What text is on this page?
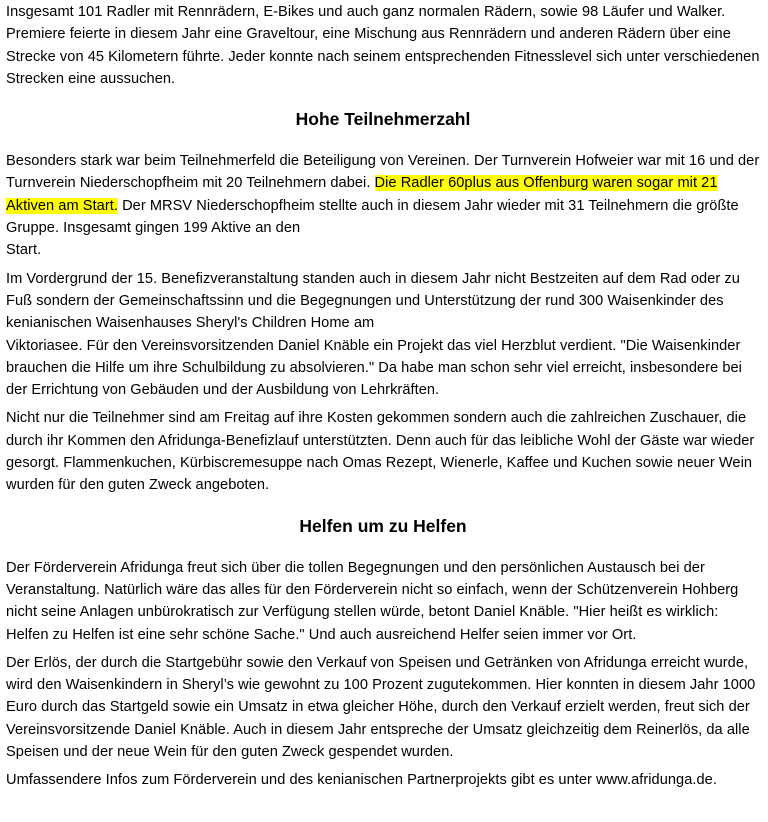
Insgesamt 101 Radler mit Rennrädern, E-Bikes und auch ganz normalen Rädern, sowie 98 Läufer und Walker. Premiere feierte in diesem Jahr eine Graveltour, eine Mischung aus Rennrädern und anderen Rädern über eine Strecke von 45 Kilometern führte. Jeder konnte nach seinem entsprechenden Fitnesslevel sich unter verschiedenen Strecken eine aussuchen.

Hohe Teilnehmerzahl

Besonders stark war beim Teilnehmerfeld die Beteiligung von Vereinen. Der Turnverein Hofweier war mit 16 und der Turnverein Niederschopfheim mit 20 Teilnehmern dabei. Die Radler 60plus aus Offenburg waren sogar mit 21 Aktiven am Start. Der MRSV Niederschopfheim stellte auch in diesem Jahr wieder mit 31 Teilnehmern die größte Gruppe. Insgesamt gingen 199 Aktive an den
Start.

Im Vordergrund der 15. Benefizveranstaltung standen auch in diesem Jahr nicht Bestzeiten auf dem Rad oder zu Fuß sondern der Gemeinschaftssinn und die Begegnungen und Unterstützung der rund 300 Waisenkinder des kenianischen Waisenhauses Sheryl's Children Home am
Viktoriasee. Für den Vereinsvorsitzenden Daniel Knäble ein Projekt das viel Herzblut verdient. "Die Waisenkinder brauchen die Hilfe um ihre Schulbildung zu absolvieren." Da habe man schon sehr viel erreicht, insbesondere bei der Errichtung von Gebäuden und der Ausbildung von Lehrkräften.

Nicht nur die Teilnehmer sind am Freitag auf ihre Kosten gekommen sondern auch die zahlreichen Zuschauer, die durch ihr Kommen den Afridunga-Benefizlauf unterstützten. Denn auch für das leibliche Wohl der Gäste war wieder gesorgt. Flammenkuchen, Kürbiscremesuppe nach Omas Rezept, Wienerle, Kaffee und Kuchen sowie neuer Wein wurden für den guten Zweck angeboten.

Helfen um zu Helfen

Der Förderverein Afridunga freut sich über die tollen Begegnungen und den persönlichen Austausch bei der Veranstaltung. Natürlich wäre das alles für den Förderverein nicht so einfach, wenn der Schützenverein Hohberg nicht seine Anlagen unbürokratisch zur Verfügung stellen würde, betont Daniel Knäble. "Hier heißt es wirklich: Helfen zu Helfen ist eine sehr schöne Sache." Und auch ausreichend Helfer seien immer vor Ort.

Der Erlös, der durch die Startgebühr sowie den Verkauf von Speisen und Getränken von Afridunga erreicht wurde, wird den Waisenkindern in Sheryl’s wie gewohnt zu 100 Prozent zugutekommen. Hier konnten in diesem Jahr 1000 Euro durch das Startgeld sowie ein Umsatz in etwa gleicher Höhe, durch den Verkauf erzielt werden, freut sich der Vereinsvorsitzende Daniel Knäble. Auch in diesem Jahr entspreche der Umsatz gleichzeitig dem Reinerlös, da alle Speisen und der neue Wein für den guten Zweck gespendet wurden.

Umfassendere Infos zum Förderverein und des kenianischen Partnerprojekts gibt es unter www.afridunga.de.
